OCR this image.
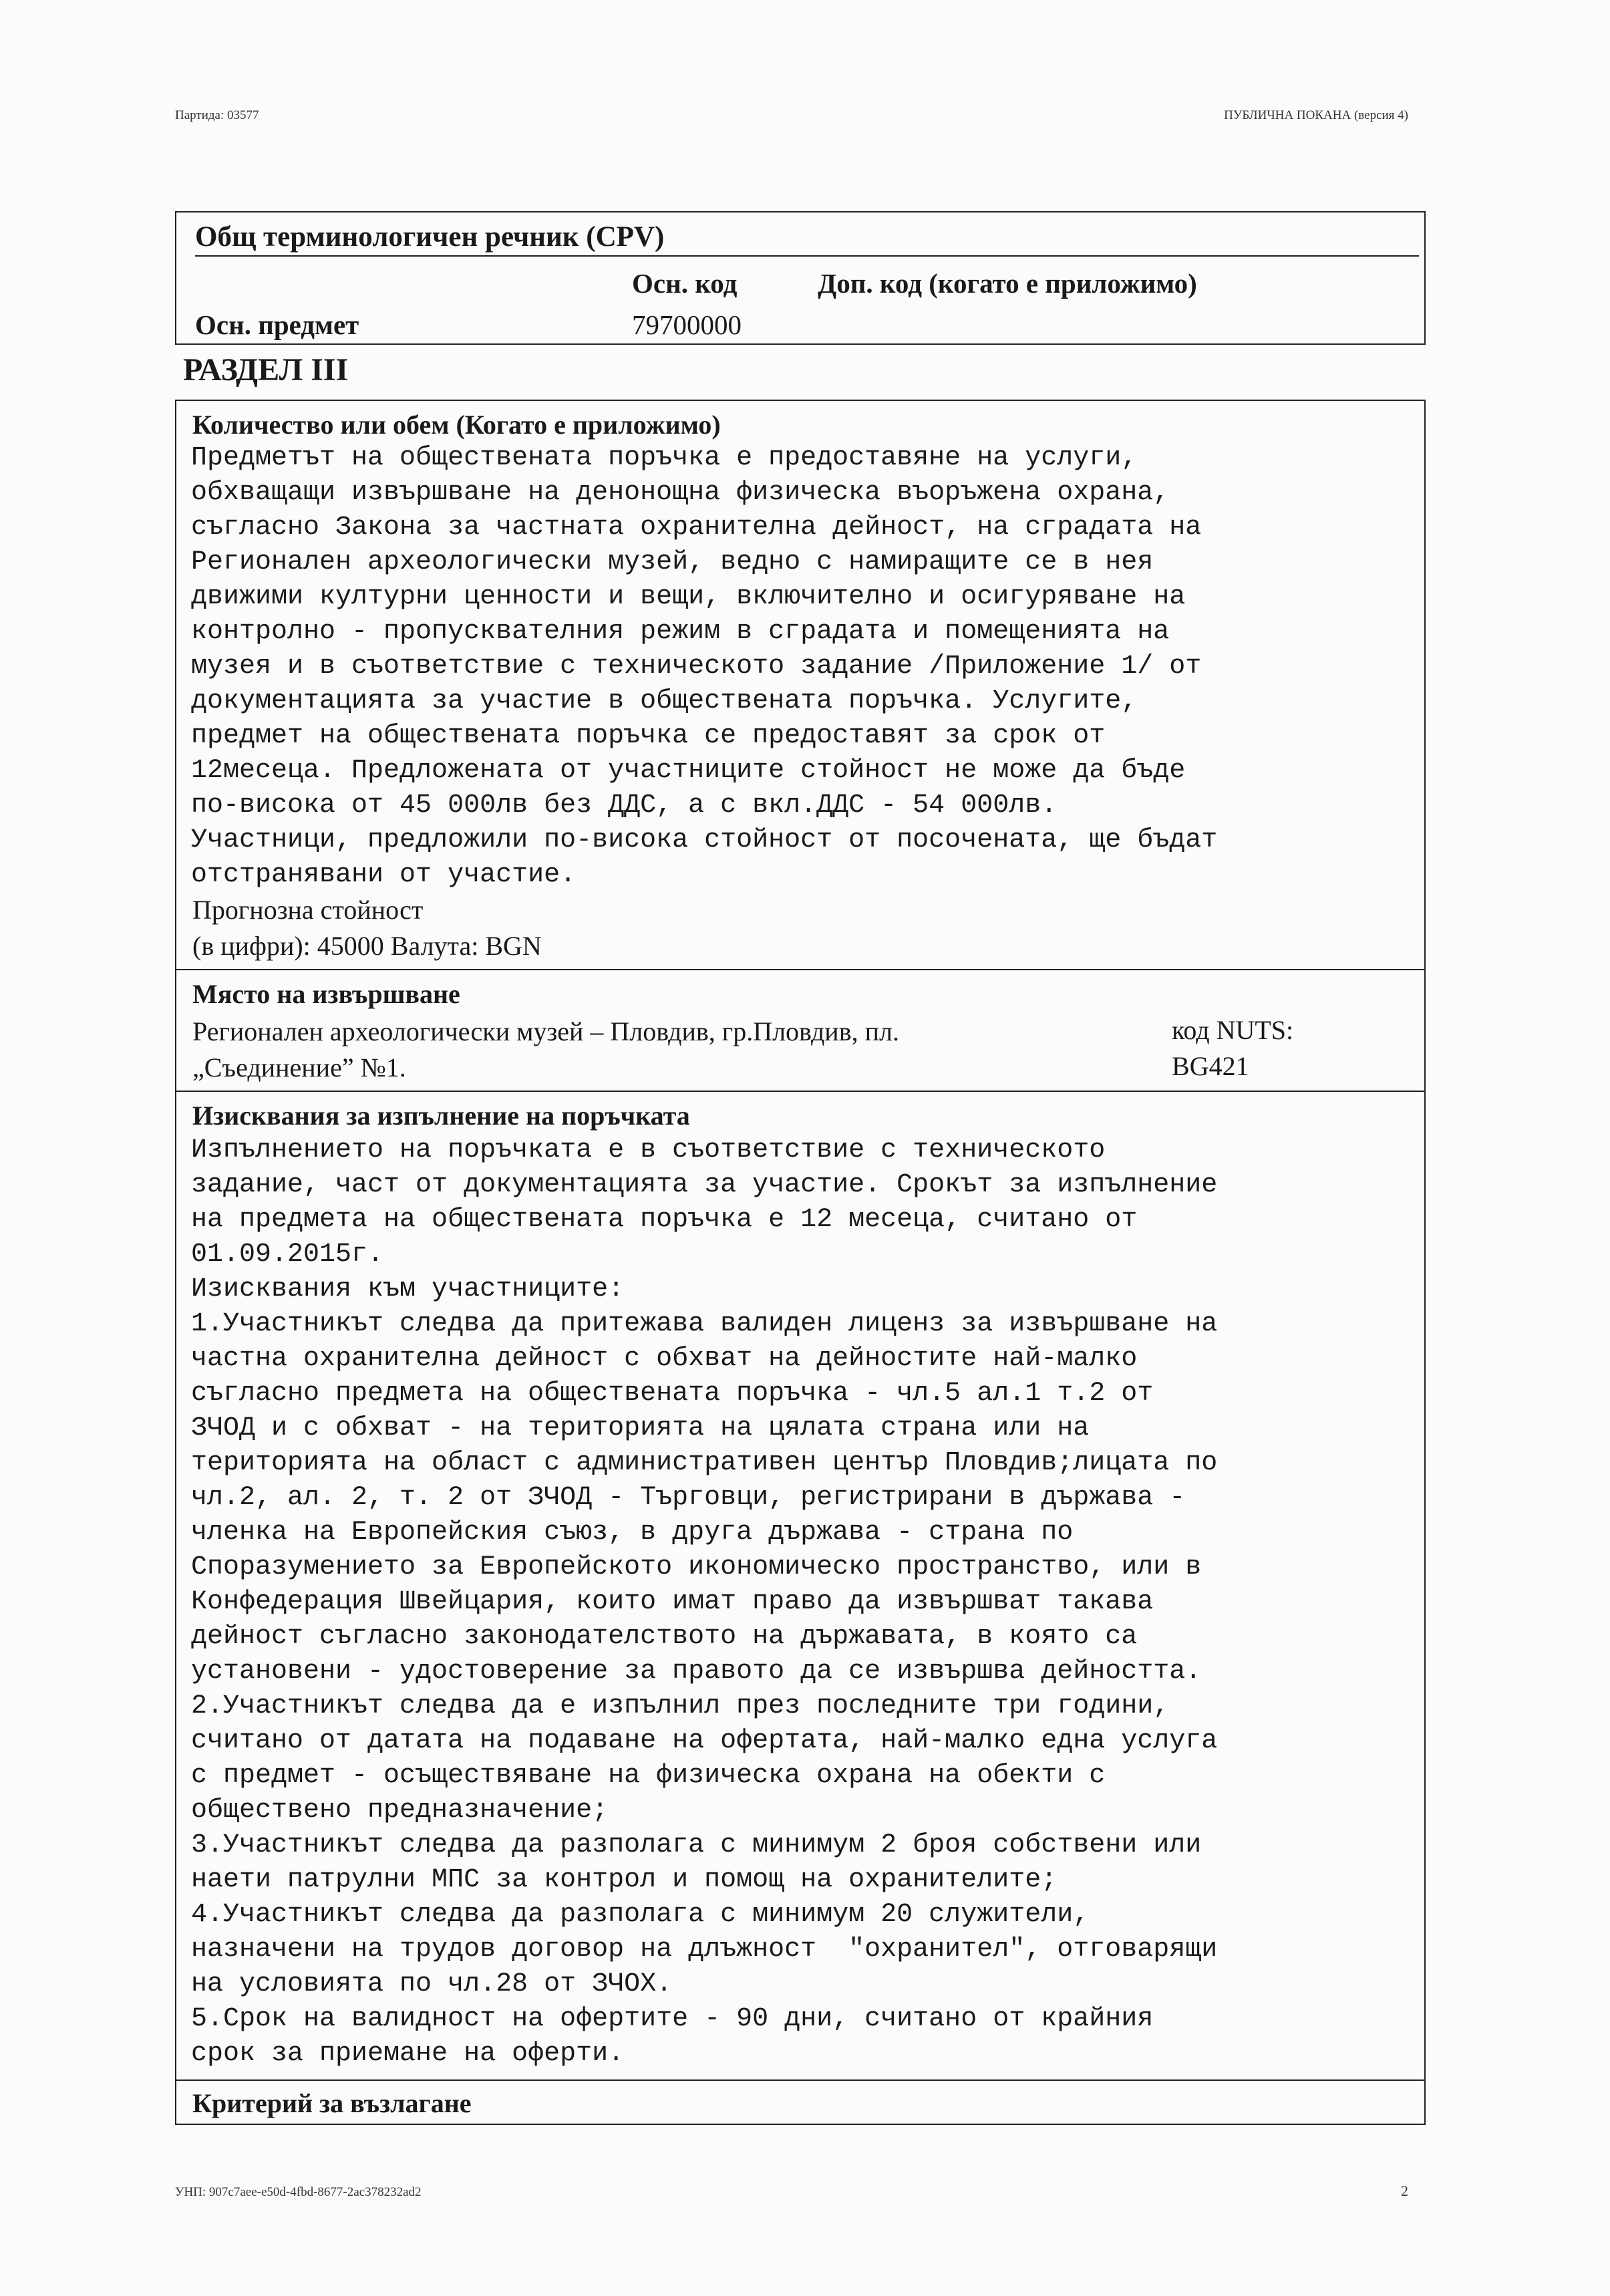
Партида: 03577	ПУБЛИЧНА ПОКАНА (версия 4)
Общ терминологичен речник (CPV)
Осн. код	Доп. код (когато е приложимо)
Осн. предмет	79700000
РАЗДЕЛ III
Количество или обем (Когато е приложимо)
Предметът на обществената поръчка е предоставяне на услуги,
обхващащи извършване на денонощна физическа въоръжена охрана,
съгласно Закона за частната охранителна дейност, на сградата на
Регионален археологически музей, ведно с намиращите се в нея
движими културни ценности и вещи, включително и осигуряване на
контролно - пропусквателния режим в сградата и помещенията на
музея и в съответствие с техническото задание /Приложение 1/ от
документацията за участие в обществената поръчка. Услугите,
предмет на обществената поръчка се предоставят за срок от
12месеца. Предложената от участниците стойност не може да бъде
по-висока от 45 000лв без ДДС, а с вкл.ДДС - 54 000лв.
Участници, предложили по-висока стойност от посочената, ще бъдат
отстранявани от участие.
Прогнозна стойност
(в цифри): 45000 Валута: BGN
Място на извършване
Регионален археологически музей – Пловдив, гр.Пловдив, пл.
„Съединение” №1.
код NUTS:
BG421
Изисквания за изпълнение на поръчката
Изпълнението на поръчката е в съответствие с техническото
задание, част от документацията за участие. Срокът за изпълнение
на предмета на обществената поръчка е 12 месеца, считано от
01.09.2015г.
Изисквания към участниците:
1.Участникът следва да притежава валиден лиценз за извършване на
частна охранителна дейност с обхват на дейностите най-малко
съгласно предмета на обществената поръчка - чл.5 ал.1 т.2 от
ЗЧОД и с обхват - на територията на цялата страна или на
територията на област с административен център Пловдив;лицата по
чл.2, ал. 2, т. 2 от ЗЧОД - Търговци, регистрирани в държава -
членка на Европейския съюз, в друга държава - страна по
Споразумението за Европейското икономическо пространство, или в
Конфедерация Швейцария, които имат право да извършват такава
дейност съгласно законодателството на държавата, в която са
установени - удостоверение за правото да се извършва дейността.
2.Участникът следва да е изпълнил през последните три години,
считано от датата на подаване на офертата, най-малко една услуга
с предмет - осъществяване на физическа охрана на обекти с
обществено предназначение;
3.Участникът следва да разполага с минимум 2 броя собствени или
наети патрулни МПС за контрол и помощ на охранителите;
4.Участникът следва да разполага с минимум 20 служители,
назначени на трудов договор на длъжност  "охранител", отговарящи
на условията по чл.28 от ЗЧОХ.
5.Срок на валидност на офертите - 90 дни, считано от крайния
срок за приемане на оферти.
Критерий за възлагане
УНП: 907c7aee-e50d-4fbd-8677-2ac378232ad2	2
